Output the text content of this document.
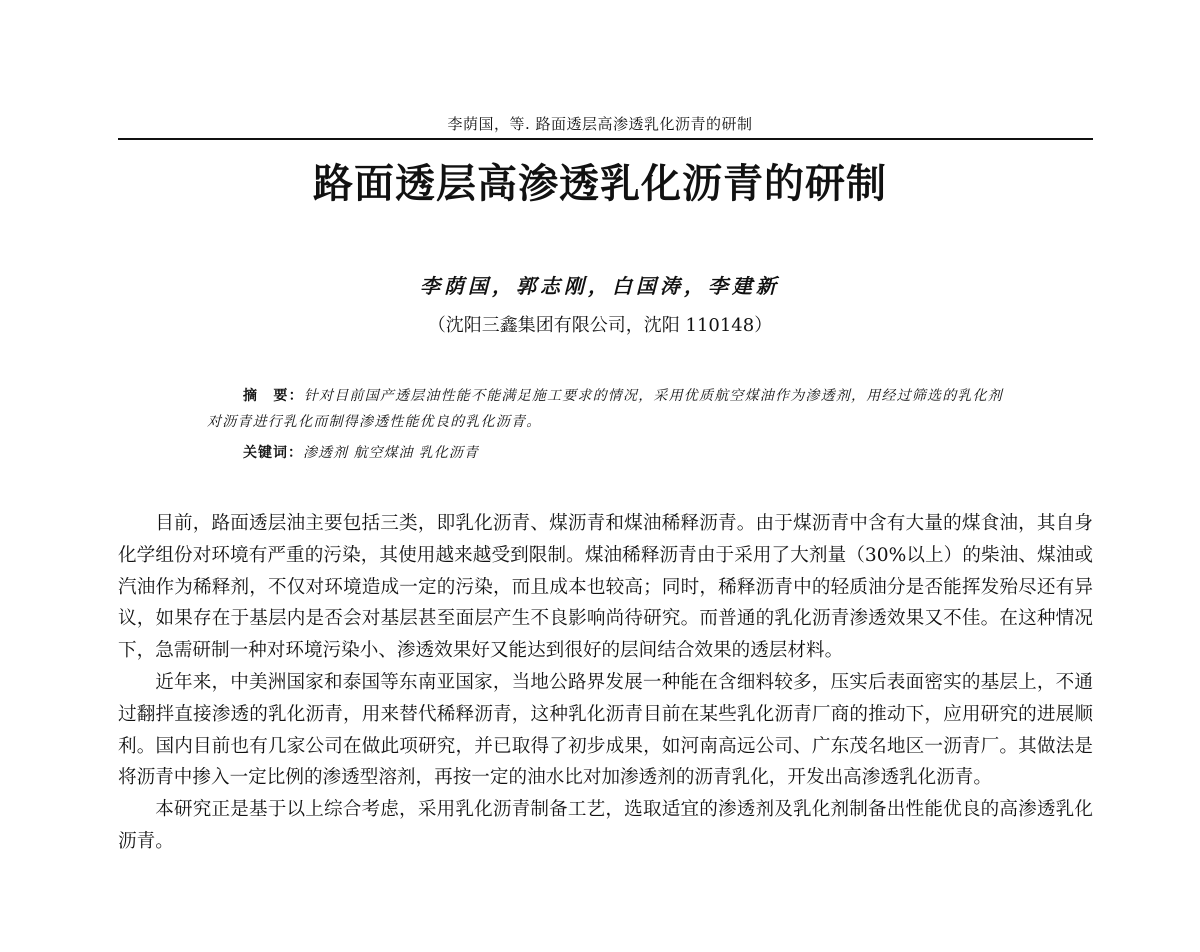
李荫国，等. 路面透层高渗透乳化沥青的研制
路面透层高渗透乳化沥青的研制
李荫国，郭志刚，白国涛，李建新
（沈阳三鑫集团有限公司，沈阳 110148）
摘　要：针对目前国产透层油性能不能满足施工要求的情况，采用优质航空煤油作为渗透剂，用经过筛选的乳化剂对沥青进行乳化而制得渗透性能优良的乳化沥青。
关键词：渗透剂 航空煤油 乳化沥青

目前，路面透层油主要包括三类，即乳化沥青、煤沥青和煤油稀释沥青。由于煤沥青中含有大量的煤食油，其自身化学组份对环境有严重的污染，其使用越来越受到限制。煤油稀释沥青由于采用了大剂量（30%以上）的柴油、煤油或汽油作为稀释剂，不仅对环境造成一定的污染，而且成本也较高；同时，稀释沥青中的轻质油分是否能挥发殆尽还有异议，如果存在于基层内是否会对基层甚至面层产生不良影响尚待研究。而普通的乳化沥青渗透效果又不佳。在这种情况下，急需研制一种对环境污染小、渗透效果好又能达到很好的层间结合效果的透层材料。

近年来，中美洲国家和泰国等东南亚国家，当地公路界发展一种能在含细料较多，压实后表面密实的基层上，不通过翻拌直接渗透的乳化沥青，用来替代稀释沥青，这种乳化沥青目前在某些乳化沥青厂商的推动下，应用研究的进展顺利。国内目前也有几家公司在做此项研究，并已取得了初步成果，如河南高远公司、广东茂名地区一沥青厂。其做法是将沥青中掺入一定比例的渗透型溶剂，再按一定的油水比对加渗透剂的沥青乳化，开发出高渗透乳化沥青。

本研究正是基于以上综合考虑，采用乳化沥青制备工艺，选取适宜的渗透剂及乳化剂制备出性能优良的高渗透乳化沥青。
